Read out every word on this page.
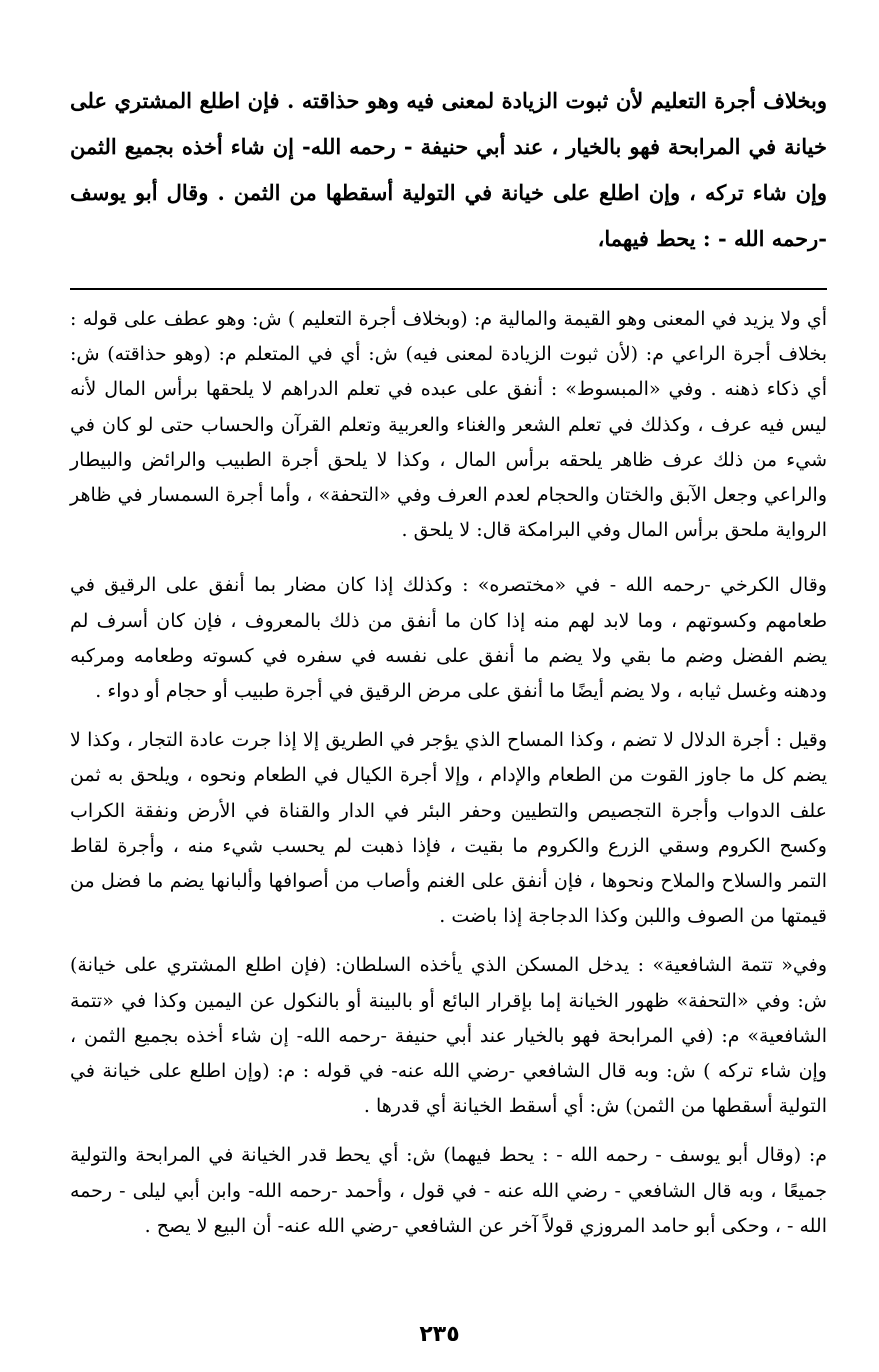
وبخلاف أجرة التعليم لأن ثبوت الزيادة لمعنى فيه وهو حذاقته . فإن اطلع المشتري على خيانة في المرابحة فهو بالخيار ، عند أبي حنيفة - رحمه الله- إن شاء أخذه بجميع الثمن وإن شاء تركه ، وإن اطلع على خيانة في التولية أسقطها من الثمن . وقال أبو يوسف -رحمه الله - : يحط فيهما،

أي ولا يزيد في المعنى وهو القيمة والمالية م: (وبخلاف أجرة التعليم ) ش: وهو عطف على قوله : بخلاف أجرة الراعي م: (لأن ثبوت الزيادة لمعنى فيه) ش: أي في المتعلم م: (وهو حذاقته) ش: أي ذكاء ذهنه . وفي «المبسوط» : أنفق على عبده في تعلم الدراهم لا يلحقها برأس المال لأنه ليس فيه عرف ، وكذلك في تعلم الشعر والغناء والعربية وتعلم القرآن والحساب حتى لو كان في شيء من ذلك عرف ظاهر يلحقه برأس المال ، وكذا لا يلحق أجرة الطبيب والرائض والبيطار والراعي وجعل الآبق والختان والحجام لعدم العرف وفي «التحفة» ، وأما أجرة السمسار في ظاهر الرواية ملحق برأس المال وفي البرامكة قال: لا يلحق .

وقال الكرخي -رحمه الله - في «مختصره» : وكذلك إذا كان مضار بما أنفق على الرقيق في طعامهم وكسوتهم ، وما لابد لهم منه إذا كان ما أنفق من ذلك بالمعروف ، فإن كان أسرف لم يضم الفضل وضم ما بقي ولا يضم ما أنفق على نفسه في سفره في كسوته وطعامه ومركبه ودهنه وغسل ثيابه ، ولا يضم أيضًا ما أنفق على مرض الرقيق في أجرة طبيب أو حجام أو دواء .

وقيل : أجرة الدلال لا تضم ، وكذا المساح الذي يؤجر في الطريق إلا إذا جرت عادة التجار ، وكذا لا يضم كل ما جاوز القوت من الطعام والإدام ، وإلا أجرة الكيال في الطعام ونحوه ، ويلحق به ثمن علف الدواب وأجرة التجصيص والتطيين وحفر البئر في الدار والقناة في الأرض ونفقة الكراب وكسح الكروم وسقي الزرع والكروم ما بقيت ، فإذا ذهبت لم يحسب شيء منه ، وأجرة لقاط التمر والسلاح والملاح ونحوها ، فإن أنفق على الغنم وأصاب من أصوافها وألبانها يضم ما فضل من قيمتها من الصوف واللبن وكذا الدجاجة إذا باضت .

وفي« تتمة الشافعية» : يدخل المسكن الذي يأخذه السلطان: (فإن اطلع المشتري على خيانة) ش: وفي «التحفة» ظهور الخيانة إما بإقرار البائع أو بالبينة أو بالنكول عن اليمين وكذا في «تتمة الشافعية» م: (في المرابحة فهو بالخيار عند أبي حنيفة -رحمه الله- إن شاء أخذه بجميع الثمن ، وإن شاء تركه ) ش: وبه قال الشافعي -رضي الله عنه- في قوله : م: (وإن اطلع على خيانة في التولية أسقطها من الثمن) ش: أي أسقط الخيانة أي قدرها .

م: (وقال أبو يوسف - رحمه الله - : يحط فيهما) ش: أي يحط قدر الخيانة في المرابحة والتولية جميعًا ، وبه قال الشافعي - رضي الله عنه - في قول ، وأحمد -رحمه الله- وابن أبي ليلى - رحمه الله - ، وحكى أبو حامد المروزي قولاً آخر عن الشافعي -رضي الله عنه- أن البيع لا يصح .

٢٣٥
